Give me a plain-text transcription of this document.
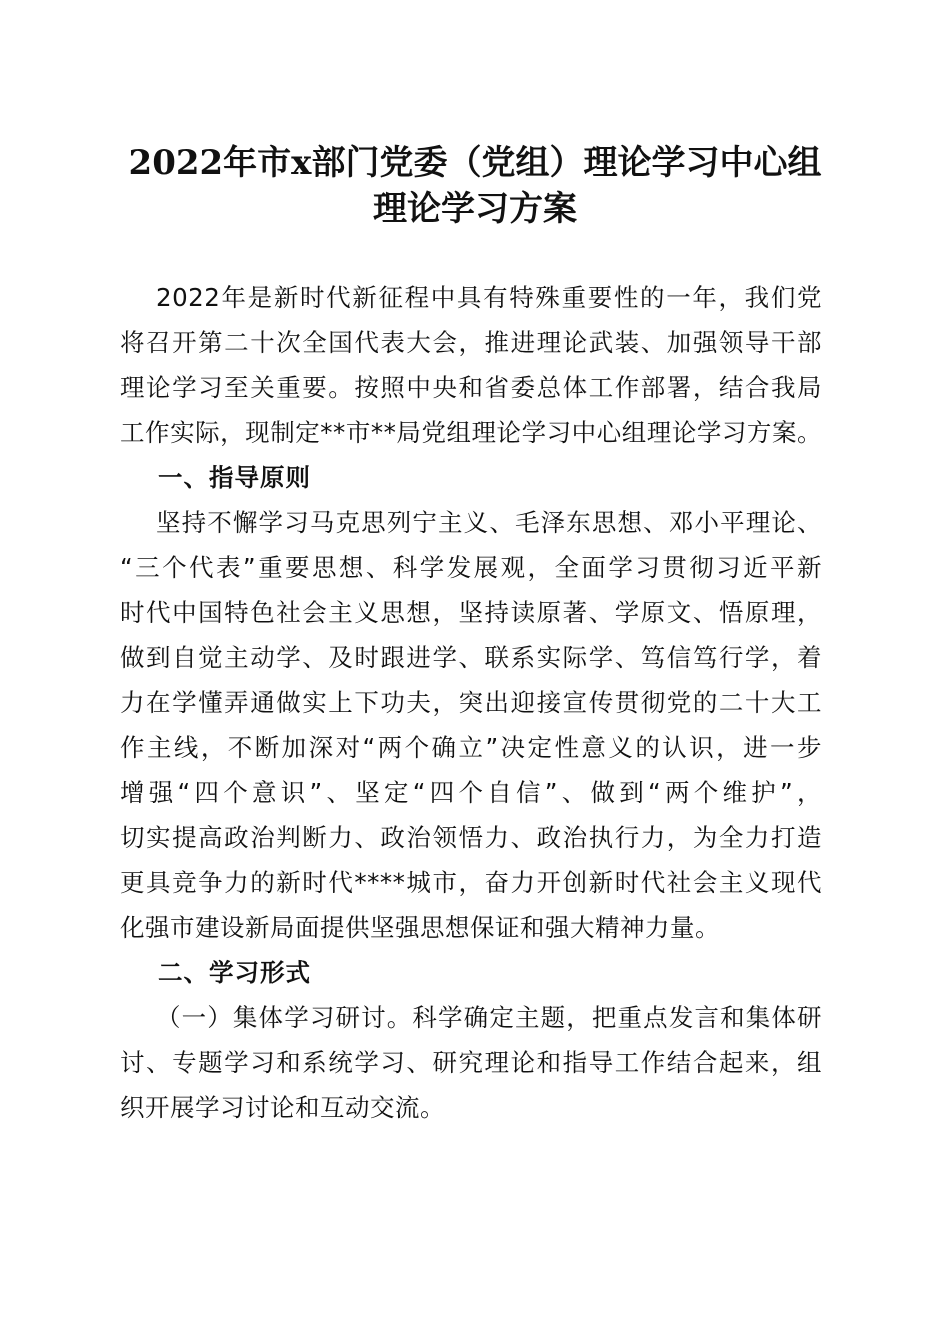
2022年市x部门党委（党组）理论学习中心组
理论学习方案
2022年是新时代新征程中具有特殊重要性的一年，我们党
将召开第二十次全国代表大会，推进理论武装、加强领导干部
理论学习至关重要。按照中央和省委总体工作部署，结合我局
工作实际，现制定**市**局党组理论学习中心组理论学习方案。
一、指导原则
坚持不懈学习马克思列宁主义、毛泽东思想、邓小平理论、
“三个代表”重要思想、科学发展观，全面学习贯彻习近平新
时代中国特色社会主义思想，坚持读原著、学原文、悟原理，
做到自觉主动学、及时跟进学、联系实际学、笃信笃行学，着
力在学懂弄通做实上下功夫，突出迎接宣传贯彻党的二十大工
作主线，不断加深对“两个确立”决定性意义的认识，进一步
增强“四个意识”、坚定“四个自信”、做到“两个维护”，
切实提高政治判断力、政治领悟力、政治执行力，为全力打造
更具竞争力的新时代****城市，奋力开创新时代社会主义现代
化强市建设新局面提供坚强思想保证和强大精神力量。
二、学习形式
（一）集体学习研讨。科学确定主题，把重点发言和集体研
讨、专题学习和系统学习、研究理论和指导工作结合起来，组
织开展学习讨论和互动交流。
